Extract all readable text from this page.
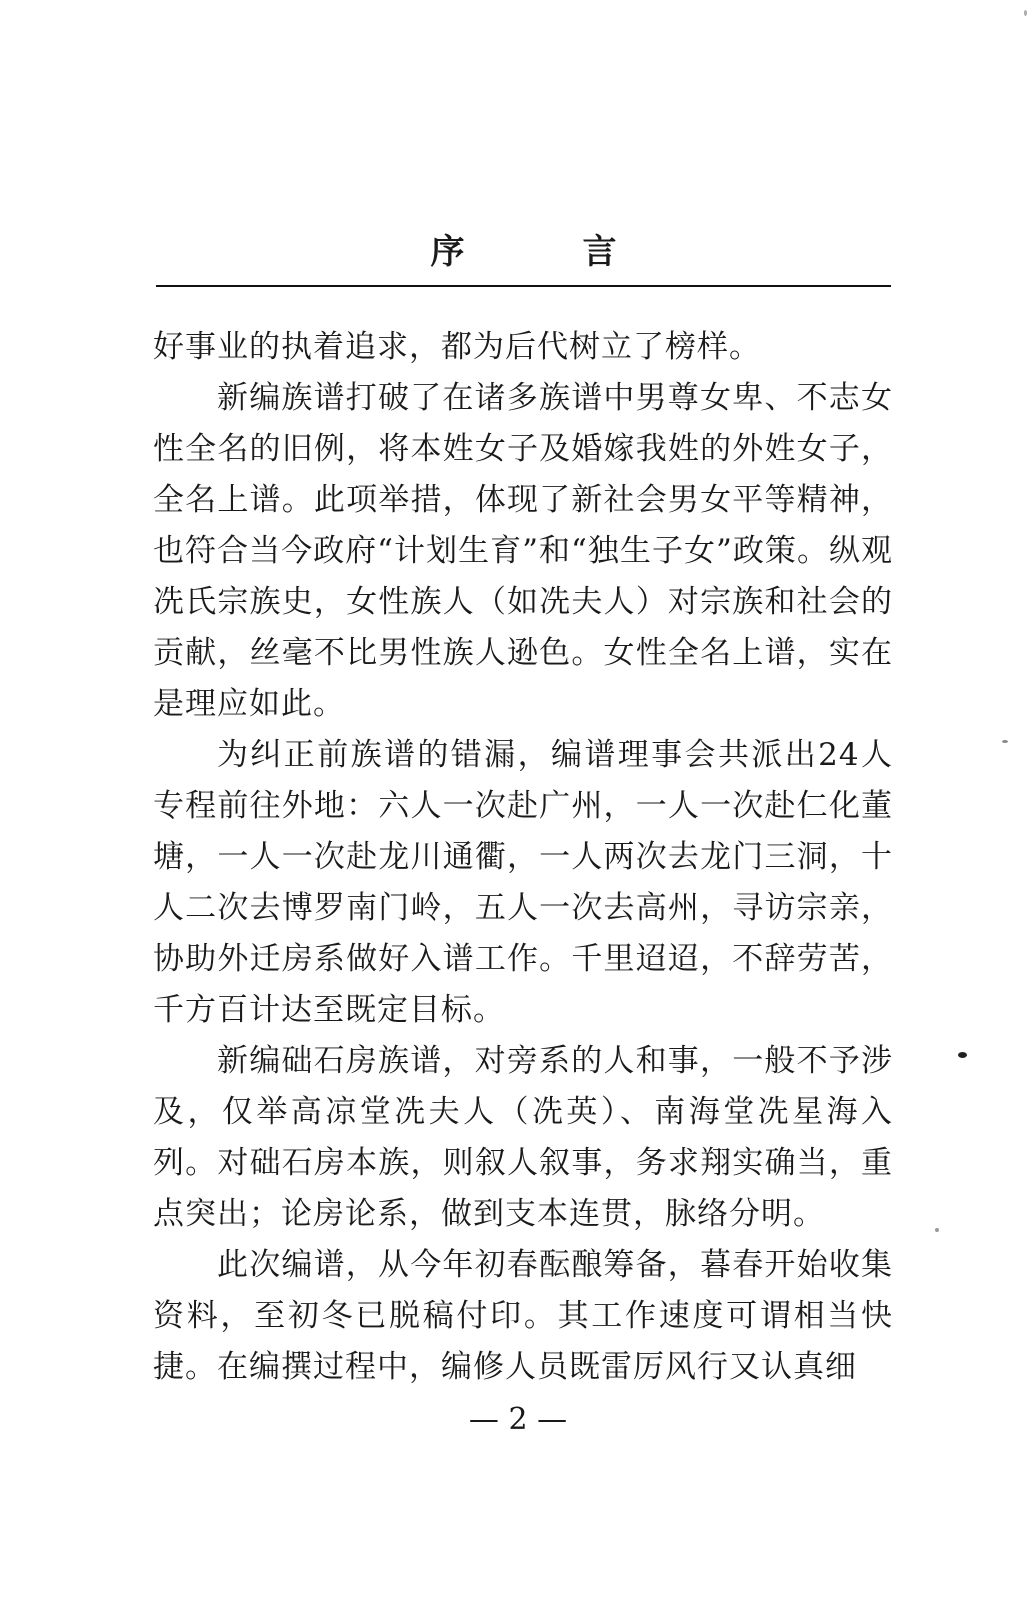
序　言

好事业的执着追求，都为后代树立了榜样。

新编族谱打破了在诸多族谱中男尊女卑、不志女性全名的旧例，将本姓女子及婚嫁我姓的外姓女子，全名上谱。此项举措，体现了新社会男女平等精神，也符合当今政府“计划生育”和“独生子女”政策。纵观冼氏宗族史，女性族人（如冼夫人）对宗族和社会的贡献，丝毫不比男性族人逊色。女性全名上谱，实在是理应如此。

为纠正前族谱的错漏，编谱理事会共派出24人专程前往外地：六人一次赴广州，一人一次赴仁化董塘，一人一次赴龙川通衢，一人两次去龙门三洞，十人二次去博罗南门岭，五人一次去高州，寻访宗亲，协助外迁房系做好入谱工作。千里迢迢，不辞劳苦，千方百计达至既定目标。

新编础石房族谱，对旁系的人和事，一般不予涉及，仅举高凉堂冼夫人（冼英）、南海堂冼星海入列。对础石房本族，则叙人叙事，务求翔实确当，重点突出；论房论系，做到支本连贯，脉络分明。

此次编谱，从今年初春酝酿筹备，暮春开始收集资料，至初冬已脱稿付印。其工作速度可谓相当快捷。在编撰过程中，编修人员既雷厉风行又认真细

— 2 —
